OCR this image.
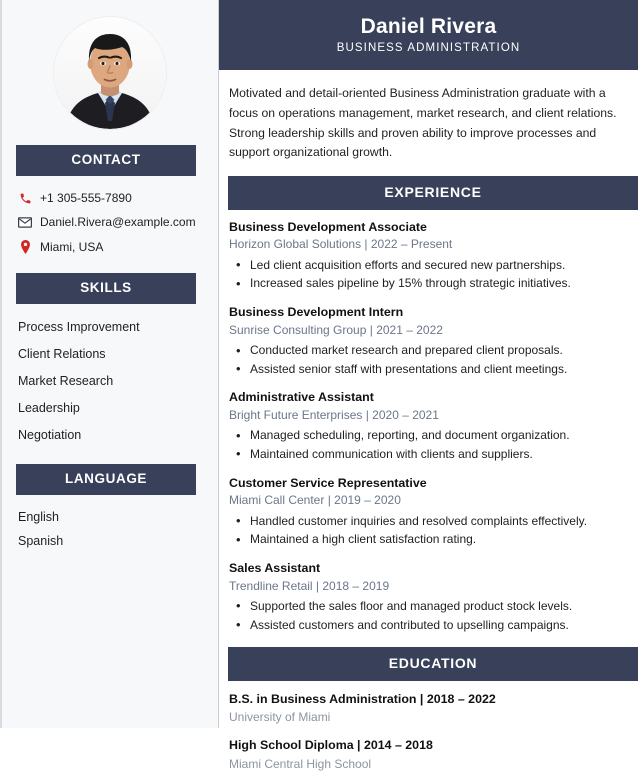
CONTACT
+1 305-555-7890
Daniel.Rivera@example.com
Miami, USA
SKILLS
Process Improvement
Client Relations
Market Research
Leadership
Negotiation
LANGUAGE
English
Spanish
Daniel Rivera
BUSINESS ADMINISTRATION

Motivated and detail-oriented Business Administration graduate with a focus on operations management, market research, and client relations. Strong leadership skills and proven ability to improve processes and support organizational growth.

EXPERIENCE
Business Development Associate
Horizon Global Solutions | 2022 – Present
• Led client acquisition efforts and secured new partnerships.
• Increased sales pipeline by 15% through strategic initiatives.
Business Development Intern
Sunrise Consulting Group | 2021 – 2022
• Conducted market research and prepared client proposals.
• Assisted senior staff with presentations and client meetings.
Administrative Assistant
Bright Future Enterprises | 2020 – 2021
• Managed scheduling, reporting, and document organization.
• Maintained communication with clients and suppliers.
Customer Service Representative
Miami Call Center | 2019 – 2020
• Handled customer inquiries and resolved complaints effectively.
• Maintained a high client satisfaction rating.
Sales Assistant
Trendline Retail | 2018 – 2019
• Supported the sales floor and managed product stock levels.
• Assisted customers and contributed to upselling campaigns.
EDUCATION
B.S. in Business Administration | 2018 – 2022
University of Miami
High School Diploma | 2014 – 2018
Miami Central High School
